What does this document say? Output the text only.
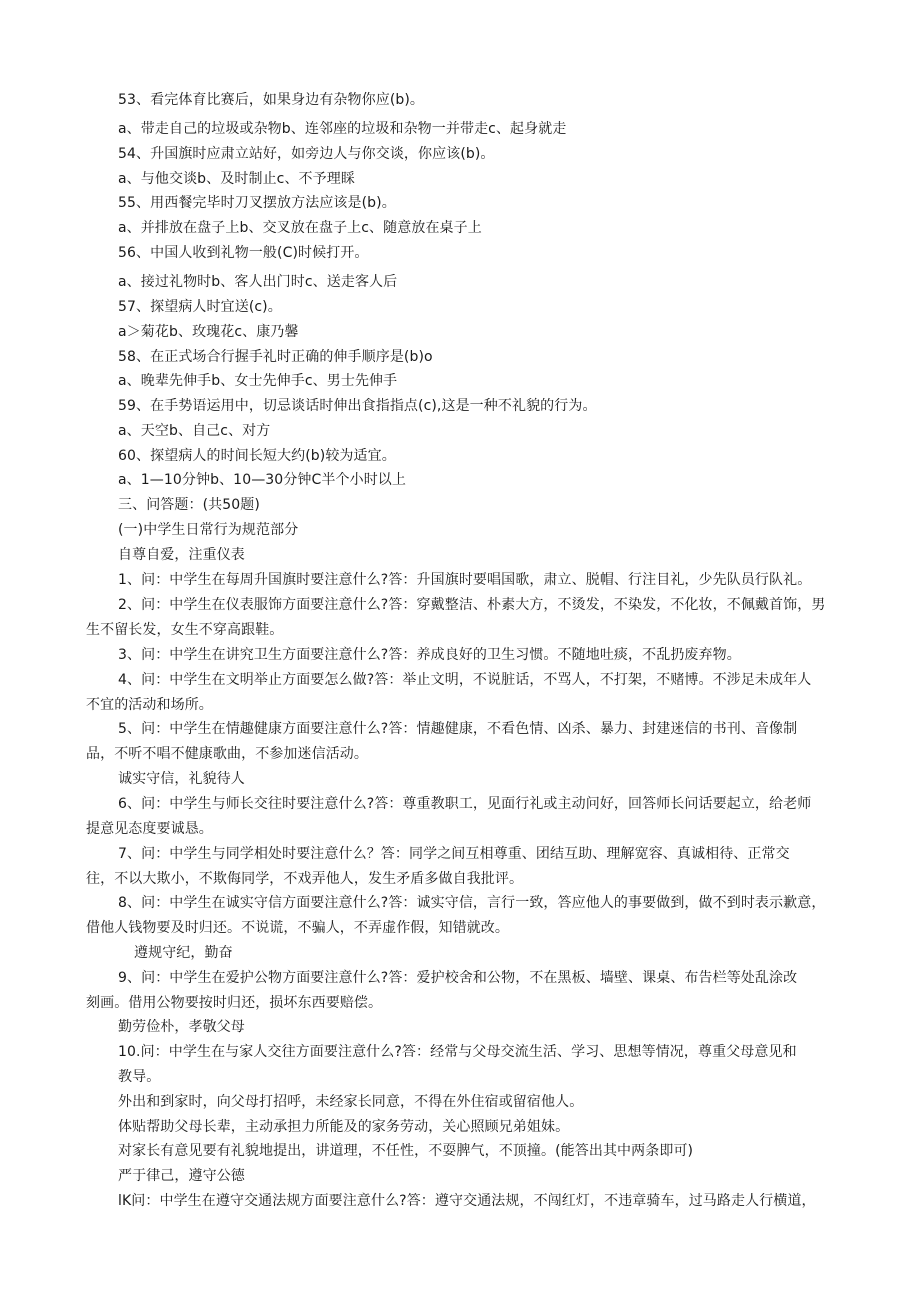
53、看完体育比赛后，如果身边有杂物你应(b)。
a、带走自己的垃圾或杂物b、连邻座的垃圾和杂物一并带走c、起身就走
54、升国旗时应肃立站好，如旁边人与你交谈，你应该(b)。
a、与他交谈b、及时制止c、不予理睬
55、用西餐完毕时刀叉摆放方法应该是(b)。
a、并排放在盘子上b、交叉放在盘子上c、随意放在桌子上
56、中国人收到礼物一般(C)时候打开。
a、接过礼物时b、客人出门时c、送走客人后
57、探望病人时宜送(c)。
a＞菊花b、玫瑰花c、康乃馨
58、在正式场合行握手礼时正确的伸手顺序是(b)o
a、晚辈先伸手b、女士先伸手c、男士先伸手
59、在手势语运用中，切忌谈话时伸出食指指点(c),这是一种不礼貌的行为。
a、天空b、自己c、对方
60、探望病人的时间长短大约(b)较为适宜。
a、1—10分钟b、10—30分钟C半个小时以上
三、问答题：(共50题)
(一)中学生日常行为规范部分
自尊自爱，注重仪表
1、问：中学生在每周升国旗时要注意什么?答：升国旗时要唱国歌，肃立、脱帽、行注目礼，少先队员行队礼。
2、问：中学生在仪表服饰方面要注意什么?答：穿戴整洁、朴素大方，不烫发，不染发，不化妆，不佩戴首饰，男
生不留长发，女生不穿高跟鞋。
3、问：中学生在讲究卫生方面要注意什么?答：养成良好的卫生习惯。不随地吐痰，不乱扔废弃物。
4、问：中学生在文明举止方面要怎么做?答：举止文明，不说脏话，不骂人，不打架，不赌博。不涉足未成年人
不宜的活动和场所。
5、问：中学生在情趣健康方面要注意什么?答：情趣健康，不看色情、凶杀、暴力、封建迷信的书刊、音像制
品，不听不唱不健康歌曲，不参加迷信活动。
诚实守信，礼貌待人
6、问：中学生与师长交往时要注意什么?答：尊重教职工，见面行礼或主动问好，回答师长问话要起立，给老师
提意见态度要诚恳。
7、问：中学生与同学相处时要注意什么？答：同学之间互相尊重、团结互助、理解宽容、真诚相待、正常交
往，不以大欺小，不欺侮同学，不戏弄他人，发生矛盾多做自我批评。
8、问：中学生在诚实守信方面要注意什么?答：诚实守信，言行一致，答应他人的事要做到，做不到时表示歉意，
借他人钱物要及时归还。不说谎，不骗人，不弄虚作假，知错就改。
遵规守纪，勤奋
9、问：中学生在爱护公物方面要注意什么?答：爱护校舍和公物，不在黑板、墙壁、课桌、布告栏等处乱涂改
刻画。借用公物要按时归还，损坏东西要赔偿。
勤劳俭朴，孝敬父母
10.问：中学生在与家人交往方面要注意什么?答：经常与父母交流生活、学习、思想等情况，尊重父母意见和
教导。
外出和到家时，向父母打招呼，未经家长同意，不得在外住宿或留宿他人。
体贴帮助父母长辈，主动承担力所能及的家务劳动，关心照顾兄弟姐妹。
对家长有意见要有礼貌地提出，讲道理，不任性，不耍脾气，不顶撞。(能答出其中两条即可)
严于律己，遵守公德
lK问：中学生在遵守交通法规方面要注意什么?答：遵守交通法规，不闯红灯，不违章骑车，过马路走人行横道，
